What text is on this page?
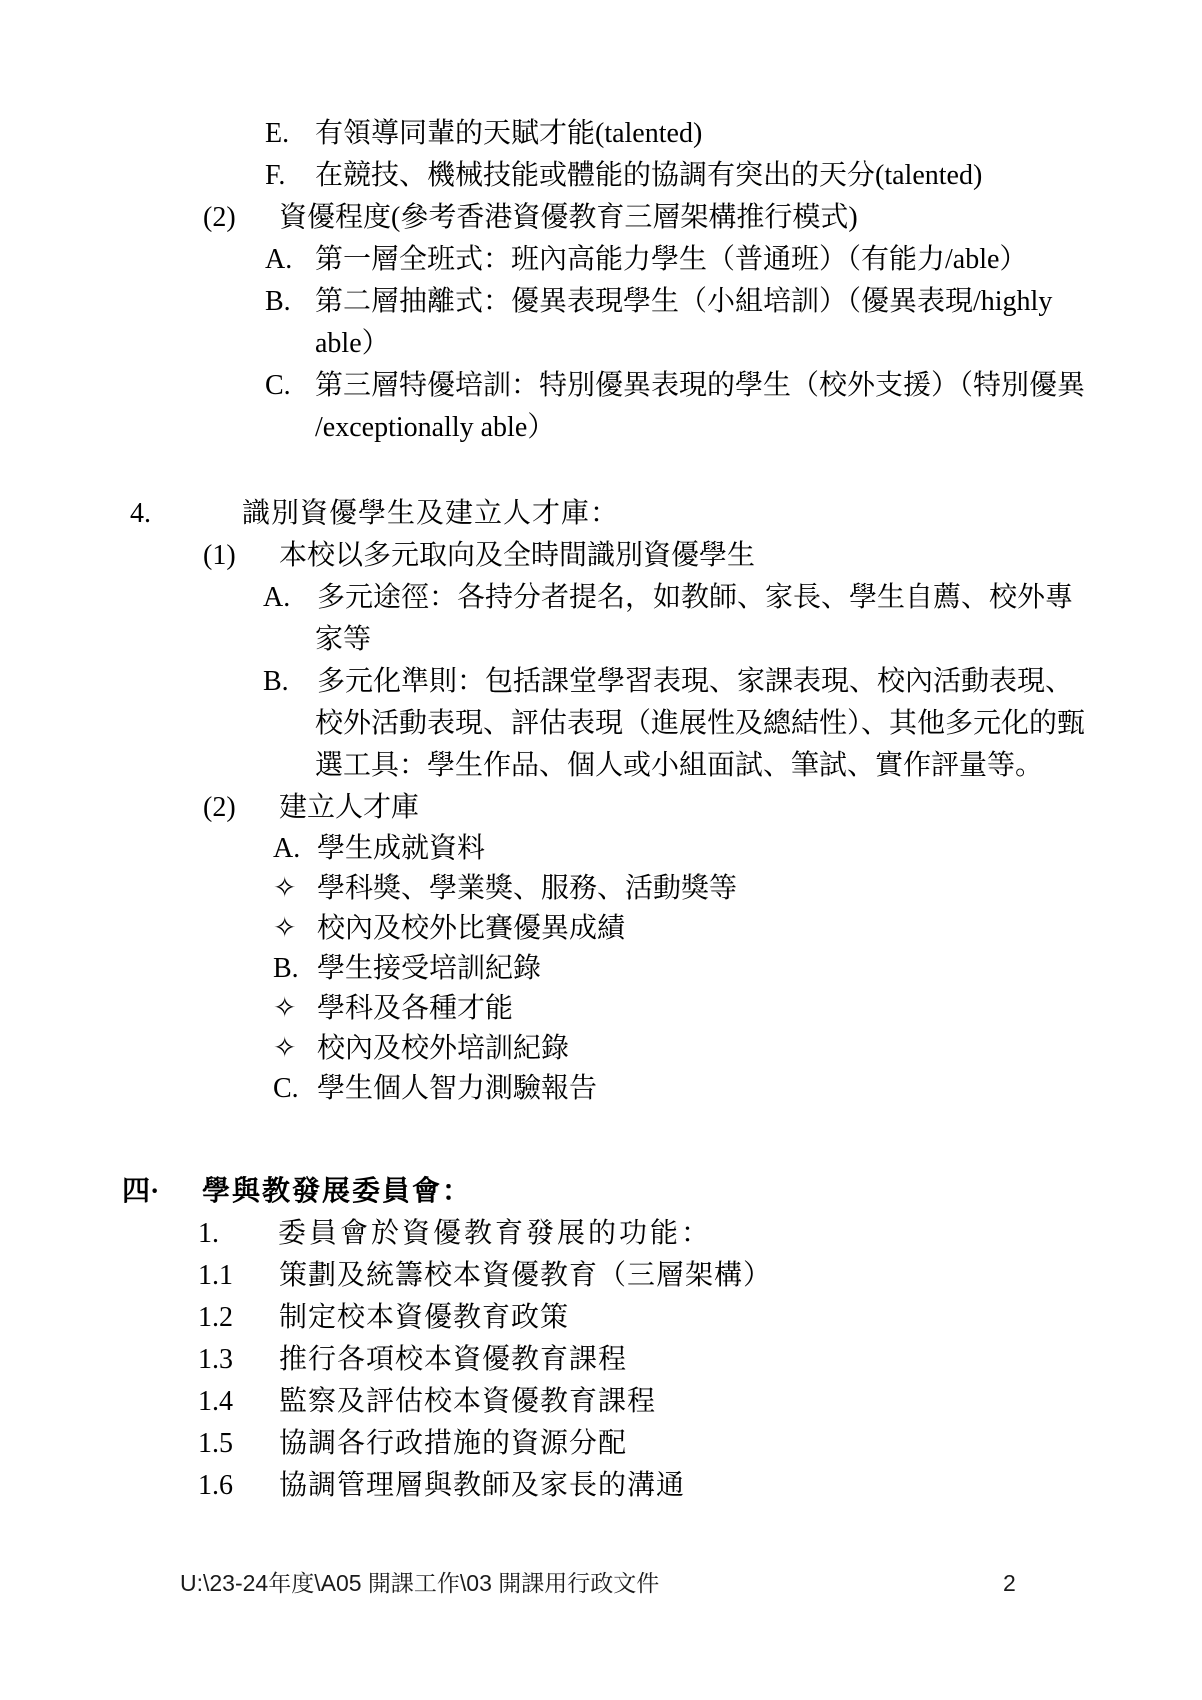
E. 有領導同輩的天賦才能(talented)
F.	在競技、機械技能或體能的協調有突出的天分(talented)
(2)	資優程度(參考香港資優教育三層架構推行模式)
A. 第一層全班式：班內高能力學生（普通班）（有能力/able）
B. 第二層抽離式：優異表現學生（小組培訓）（優異表現/highly
able）
C. 第三層特優培訓：特別優異表現的學生（校外支援）（特別優異
/exceptionally able）
4.	識別資優學生及建立人才庫：
(1)	本校以多元取向及全時間識別資優學生
A. 多元途徑：各持分者提名，如教師、家長、學生自薦、校外專
家等
B.	多元化準則：包括課堂學習表現、家課表現、校內活動表現、
校外活動表現、評估表現（進展性及總結性）、其他多元化的甄
選工具：學生作品、個人或小組面試、筆試、實作評量等。
(2)	建立人才庫
A. 學生成就資料
✧ 學科獎、學業獎、服務、活動獎等
✧ 校內及校外比賽優異成績
B. 學生接受培訓紀錄
✧ 學科及各種才能
✧ 校內及校外培訓紀錄
C. 學生個人智力測驗報告
四·	學與教發展委員會：
1.	委員會於資優教育發展的功能：
1.1	策劃及統籌校本資優教育（三層架構）
1.2	制定校本資優教育政策
1.3	推行各項校本資優教育課程
1.4	監察及評估校本資優教育課程
1.5	協調各行政措施的資源分配
1.6	協調管理層與教師及家長的溝通
U:\23-24年度\A05 開課工作\03 開課用行政文件	2
